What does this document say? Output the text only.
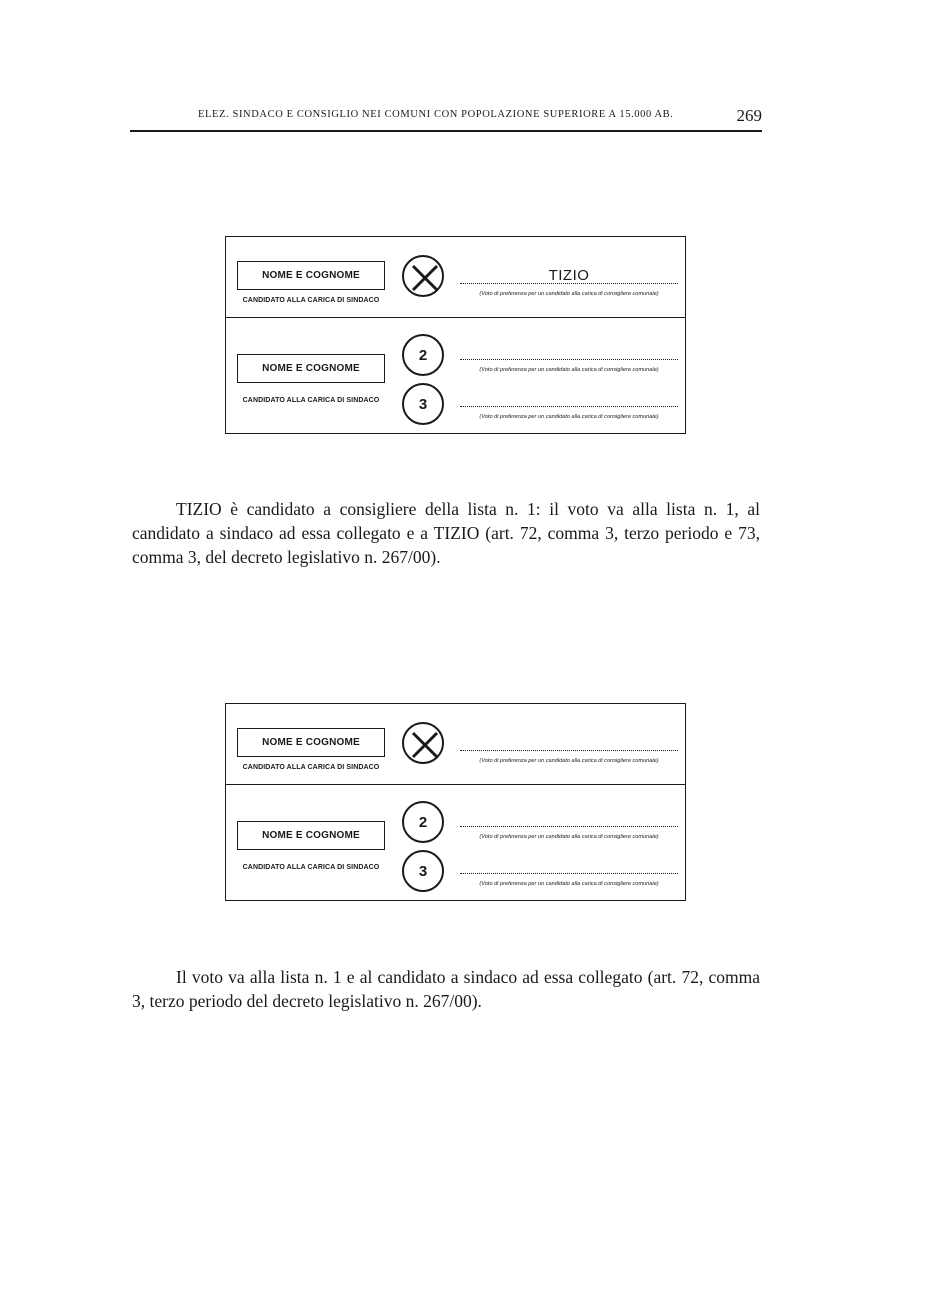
ELEZ. SINDACO E CONSIGLIO NEI COMUNI CON POPOLAZIONE SUPERIORE A 15.000 AB.	269
NOME E COGNOME
CANDIDATO ALLA CARICA DI SINDACO
TIZIO
(Voto di preferenza per un candidato alla carica di consigliere comunale)
NOME E COGNOME
CANDIDATO ALLA CARICA DI SINDACO
2
(Voto di preferenza per un candidato alla carica di consigliere comunale)
3
(Voto di preferenza per un candidato alla carica di consigliere comunale)

TIZIO è candidato a consigliere della lista n. 1: il voto va alla lista n. 1, al candidato a sindaco ad essa collegato e a TIZIO (art. 72, comma 3, terzo periodo e 73, comma 3, del decreto legislativo n. 267/00).

NOME E COGNOME
CANDIDATO ALLA CARICA DI SINDACO
(Voto di preferenza per un candidato alla carica di consigliere comunale)
NOME E COGNOME
CANDIDATO ALLA CARICA DI SINDACO
2
(Voto di preferenza per un candidato alla carica di consigliere comunale)
3
(Voto di preferenza per un candidato alla carica di consigliere comunale)

Il voto va alla lista n. 1 e al candidato a sindaco ad essa collegato (art. 72, comma 3, terzo periodo del decreto legislativo n. 267/00).
